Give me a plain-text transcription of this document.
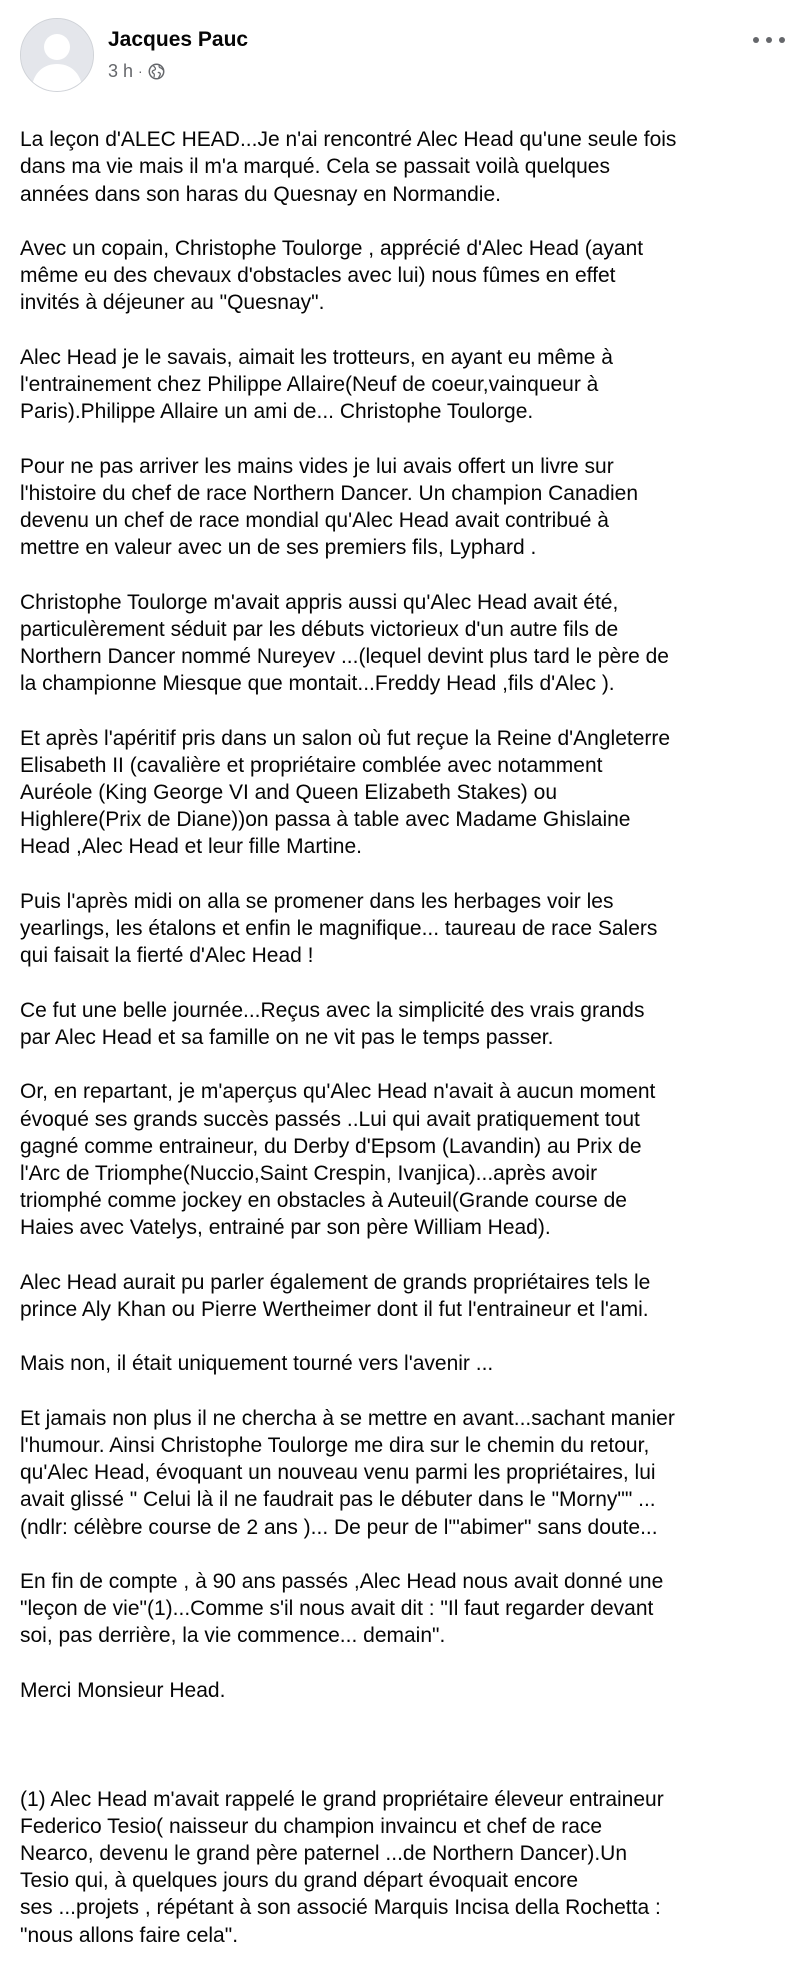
Jacques Pauc
3 h ·

La leçon d'ALEC HEAD...Je n'ai rencontré Alec Head qu'une seule fois
dans ma vie mais il m'a marqué. Cela se passait voilà quelques
années dans son haras du Quesnay en Normandie.

Avec un copain, Christophe Toulorge , apprécié d'Alec Head (ayant
même eu des chevaux d'obstacles avec lui) nous fûmes en effet
invités à déjeuner au "Quesnay".

Alec Head je le savais, aimait les trotteurs, en ayant eu même à
l'entrainement chez Philippe Allaire(Neuf de coeur,vainqueur à
Paris).Philippe Allaire un ami de... Christophe Toulorge.

Pour ne pas arriver les mains vides je lui avais offert un livre sur
l'histoire du chef de race Northern Dancer. Un champion Canadien
devenu un chef de race mondial qu'Alec Head avait contribué à
mettre en valeur avec un de ses premiers fils, Lyphard .

Christophe Toulorge m'avait appris aussi qu'Alec Head avait été,
particulèrement séduit par les débuts victorieux d'un autre fils de
Northern Dancer nommé Nureyev ...(lequel devint plus tard le père de
la championne Miesque que montait...Freddy Head ,fils d'Alec ).

Et après l'apéritif pris dans un salon où fut reçue la Reine d'Angleterre
Elisabeth II (cavalière et propriétaire comblée avec notamment
Auréole (King George VI and Queen Elizabeth Stakes) ou
Highlere(Prix de Diane))on passa à table avec Madame Ghislaine
Head ,Alec Head et leur fille Martine.

Puis l'après midi on alla se promener dans les herbages voir les
yearlings, les étalons et enfin le magnifique... taureau de race Salers
qui faisait la fierté d'Alec Head !

Ce fut une belle journée...Reçus avec la simplicité des vrais grands
par Alec Head et sa famille on ne vit pas le temps passer.

Or, en repartant, je m'aperçus qu'Alec Head n'avait à aucun moment
évoqué ses grands succès passés ..Lui qui avait pratiquement tout
gagné comme entraineur, du Derby d'Epsom (Lavandin) au Prix de
l'Arc de Triomphe(Nuccio,Saint Crespin, Ivanjica)...après avoir
triomphé comme jockey en obstacles à Auteuil(Grande course de
Haies avec Vatelys, entrainé par son père William Head).

Alec Head aurait pu parler également de grands propriétaires tels le
prince Aly Khan ou Pierre Wertheimer dont il fut l'entraineur et l'ami.

Mais non, il était uniquement tourné vers l'avenir ...

Et jamais non plus il ne chercha à se mettre en avant...sachant manier
l'humour. Ainsi Christophe Toulorge me dira sur le chemin du retour,
qu'Alec Head, évoquant un nouveau venu parmi les propriétaires, lui
avait glissé " Celui là il ne faudrait pas le débuter dans le "Morny"" ...
(ndlr: célèbre course de 2 ans )... De peur de l'"abimer" sans doute...

En fin de compte , à 90 ans passés ,Alec Head nous avait donné une
"leçon de vie"(1)...Comme s'il nous avait dit : "Il faut regarder devant
soi, pas derrière, la vie commence... demain".

Merci Monsieur Head.

(1) Alec Head m'avait rappelé le grand propriétaire éleveur entraineur
Federico Tesio( naisseur du champion invaincu et chef de race
Nearco, devenu le grand père paternel ...de Northern Dancer).Un
Tesio qui, à quelques jours du grand départ évoquait encore
ses ...projets , répétant à son associé Marquis Incisa della Rochetta :
"nous allons faire cela".
